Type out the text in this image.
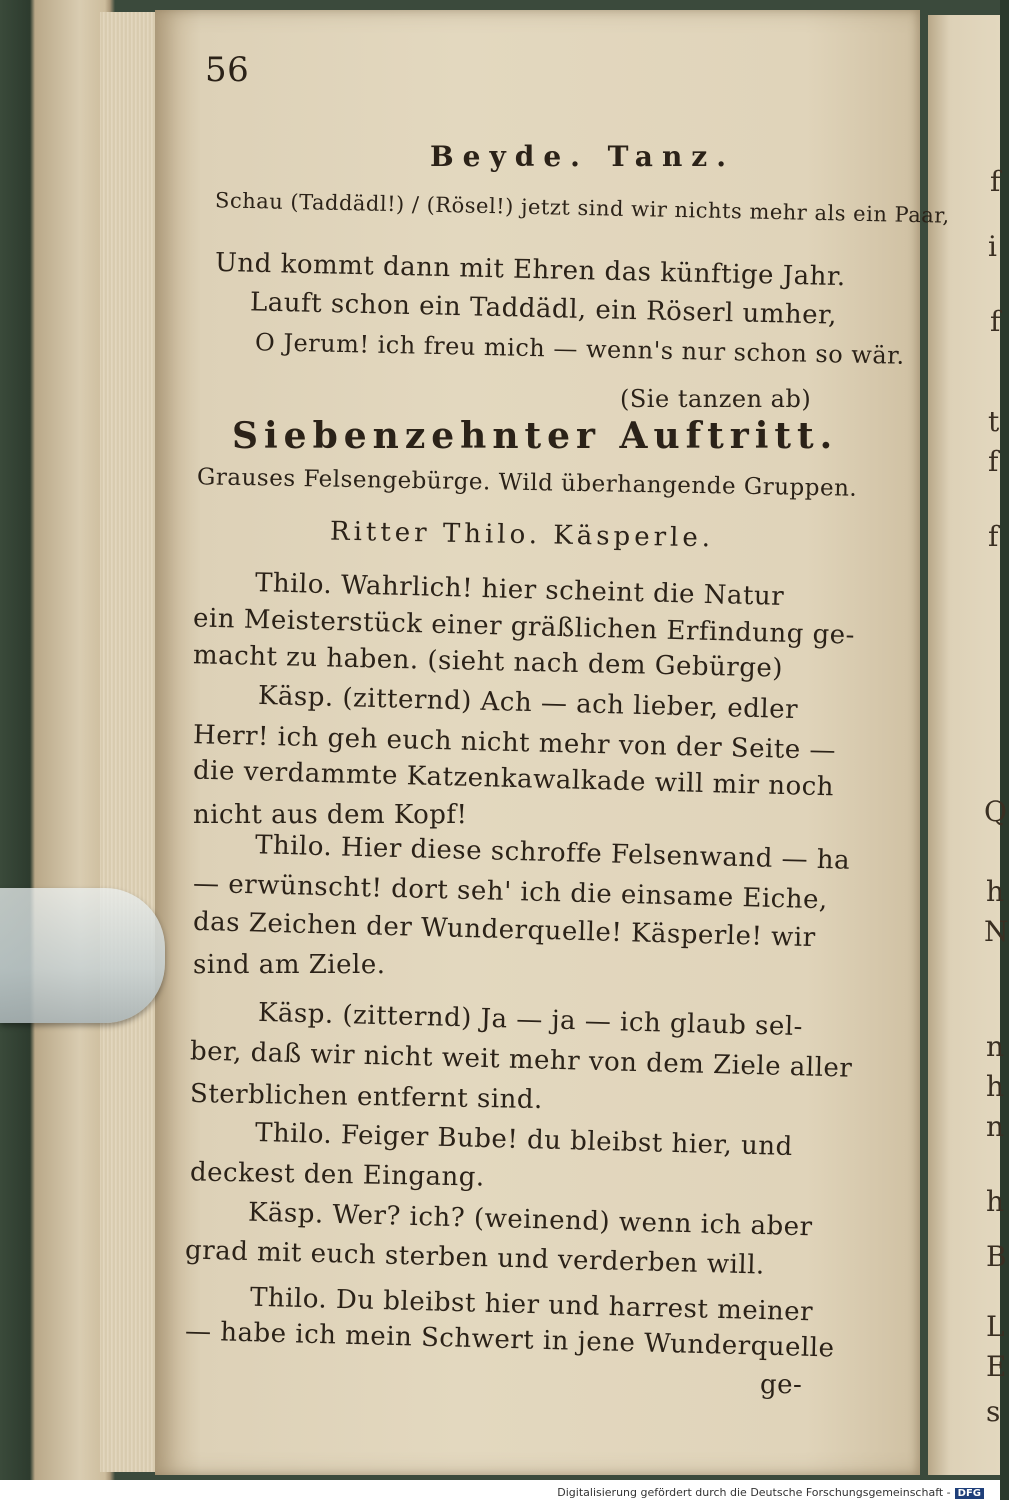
f
i
f
t
f
f
Q
h
N
n
h
n
h
B
L
E
s
56
Beyde. Tanz.
Schau (Taddädl!) / (Rösel!) jetzt sind wir nichts mehr als ein Paar,
Und kommt dann mit Ehren das künftige Jahr.
Lauft schon ein Taddädl, ein Röserl umher,
O Jerum! ich freu mich — wenn's nur schon so wär.
(Sie tanzen ab)
Siebenzehnter Auftritt.
Grauses Felsengebürge. Wild überhangende Gruppen.
Ritter Thilo. Käsperle.
Thilo. Wahrlich! hier scheint die Natur
ein Meisterstück einer gräßlichen Erfindung ge-
macht zu haben. (sieht nach dem Gebürge)
Käsp. (zitternd) Ach — ach lieber, edler
Herr! ich geh euch nicht mehr von der Seite —
die verdammte Katzenkawalkade will mir noch
nicht aus dem Kopf!
Thilo. Hier diese schroffe Felsenwand — ha
— erwünscht! dort seh' ich die einsame Eiche,
das Zeichen der Wunderquelle! Käsperle! wir
sind am Ziele.
Käsp. (zitternd) Ja — ja — ich glaub sel-
ber, daß wir nicht weit mehr von dem Ziele aller
Sterblichen entfernt sind.
Thilo. Feiger Bube! du bleibst hier, und
deckest den Eingang.
Käsp. Wer? ich? (weinend) wenn ich aber
grad mit euch sterben und verderben will.
Thilo. Du bleibst hier und harrest meiner
— habe ich mein Schwert in jene Wunderquelle
ge-
Digitalisierung gefördert durch die Deutsche Forschungsgemeinschaft - DFG
